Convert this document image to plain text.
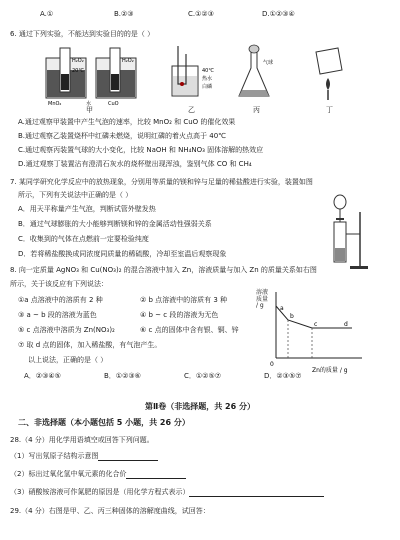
A.①	B.②③	C.①②③	D.①②③④
6. 通过下列实验，不能达到实验目的的是（ ）
H₂O₂	H₂O₂
20℃
MnO₂	水	CuO
40℃
热水
白磷
气球
甲	乙	丙	丁
A.通过观察甲装置中产生气泡的速率，比较 MnO₂ 和 CuO 的催化效果
B.通过观察乙装置烧杯中红磷未燃烧，说明红磷的着火点高于 40℃
C.通过观察丙装置气球的大小变化，比较 NaOH 和 NH₄NO₃ 固体溶解的热效应
D.通过观察丁装置沾有澄清石灰水的烧杯壁出现浑浊，鉴别气体 CO 和 CH₄
7. 某同学研究化学反应中的放热现象，分别用等质量的镁和锌与足量的稀盐酸进行实验，装置如图
所示，下列有关说法中正确的是（ ）
A．用天平称量产生气泡，判断试管外壁发热
B．通过气球膨胀的大小能够判断镁和锌的金属活动性强弱关系
C．收集到的气体在点燃前一定要检验纯度
D．若将稀盐酸换成同浓度同质量的稀硫酸，冷却至室温后观察现象
8. 向一定质量 AgNO₃ 和 Cu(NO₃)₂ 的混合溶液中加入 Zn，溶液质量与加入 Zn 的质量关系如右图
所示，关于该反应有下列说法：
①a 点溶液中的溶质有 2 种	② b 点溶液中的溶质有 3 种
③ a ~ b 段的溶液为蓝色	④ b ~ c 段的溶液为无色
⑤ c 点溶液中溶质为 Zn(NO₃)₂	⑥ c 点的固体中含有银、铜、锌
⑦ 取 d 点的固体，加入稀盐酸，有气泡产生。
以上说法，正确的是（ ）
A．②③④⑤	B．①②③⑥	C．①②⑤⑦	D．②③⑤⑦
a
b
c	d
0
Zn的质量 / g
溶液质量 / g
第Ⅱ卷（非选择题，共 26 分）
二、非选择题（本小题包括 5 小题，共 26 分）
28.（4 分）用化学用语填空或回答下列问题。
（1）写出氖原子结构示意图
（2）标出过氧化氢中氧元素的化合价
（3）硝酸铵溶液可作氮肥的原因是（用化学方程式表示）
29.（4 分）右图是甲、乙、丙三种固体的溶解度曲线，试回答：
